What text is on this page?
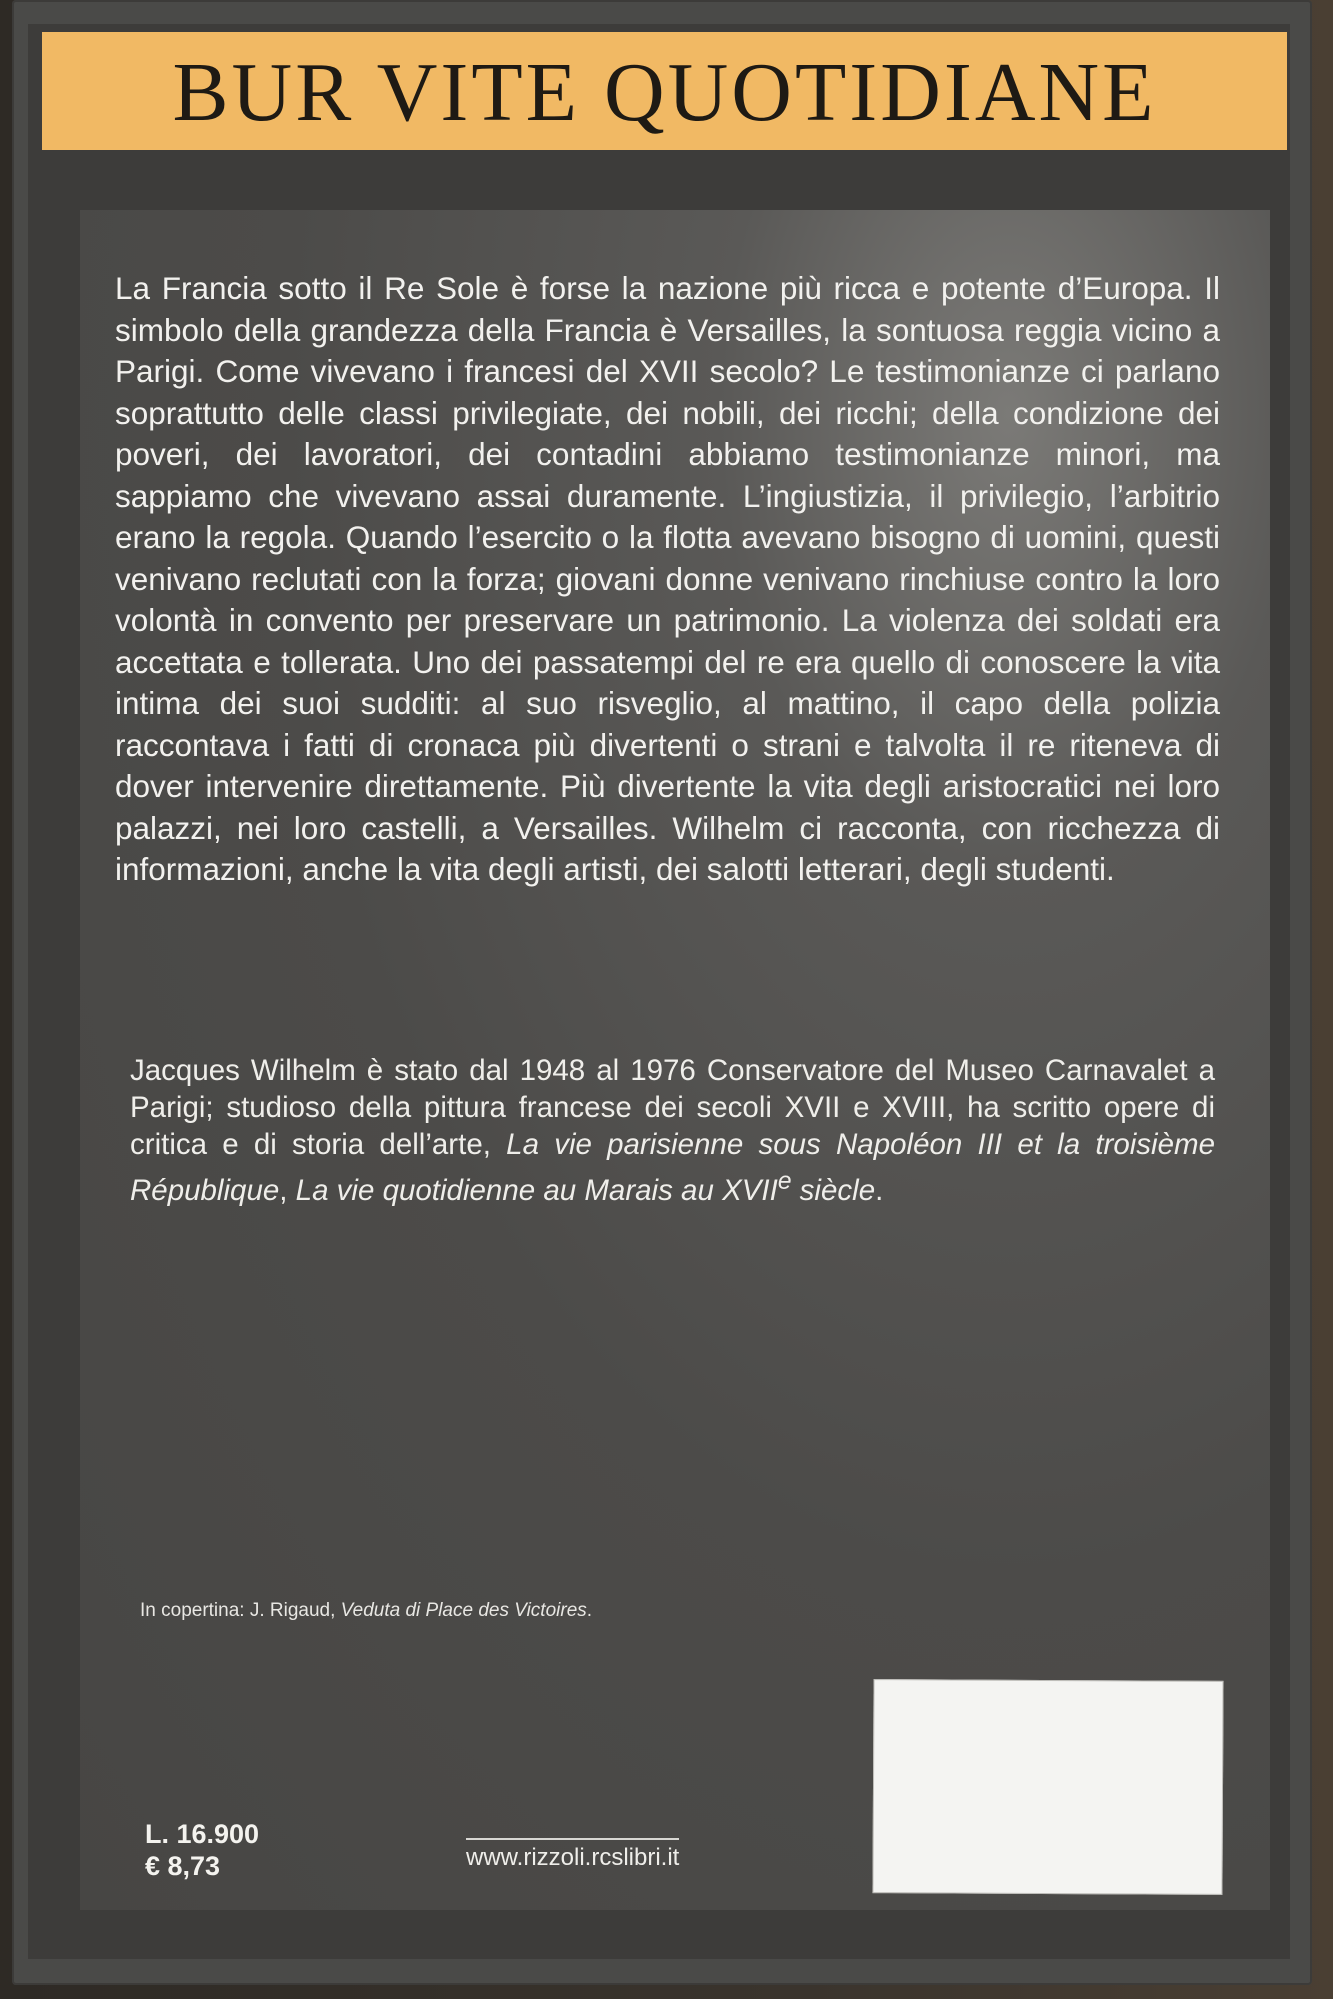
BUR VITE QUOTIDIANE

La Francia sotto il Re Sole è forse la nazione più ricca e potente d’Europa. Il simbolo della grandezza della Francia è Versailles, la sontuosa reggia vicino a Parigi. Come vivevano i francesi del XVII secolo? Le testimonianze ci parlano soprattutto delle classi privilegiate, dei nobili, dei ricchi; della condizione dei poveri, dei lavoratori, dei contadini abbiamo testimonianze minori, ma sappiamo che vivevano assai duramente. L’ingiustizia, il privilegio, l’arbitrio erano la regola. Quando l’esercito o la flotta avevano bisogno di uomini, questi venivano reclutati con la forza; giovani donne venivano rinchiuse contro la loro volontà in convento per preservare un patrimonio. La violenza dei soldati era accettata e tollerata. Uno dei passatempi del re era quello di conoscere la vita intima dei suoi sudditi: al suo risveglio, al mattino, il capo della polizia raccontava i fatti di cronaca più divertenti o strani e talvolta il re riteneva di dover intervenire direttamente. Più divertente la vita degli aristocratici nei loro palazzi, nei loro castelli, a Versailles. Wilhelm ci racconta, con ricchezza di informazioni, anche la vita degli artisti, dei salotti letterari, degli studenti.

Jacques Wilhelm è stato dal 1948 al 1976 Conservatore del Museo Carnavalet a Parigi; studioso della pittura francese dei secoli XVII e XVIII, ha scritto opere di critica e di storia dell’arte, La vie parisienne sous Napoléon III et la troisième République, La vie quotidienne au Marais au XVIIe siècle.

In copertina: J. Rigaud, Veduta di Place des Victoires.
L. 16.900
€ 8,73	www.rizzoli.rcslibri.it
